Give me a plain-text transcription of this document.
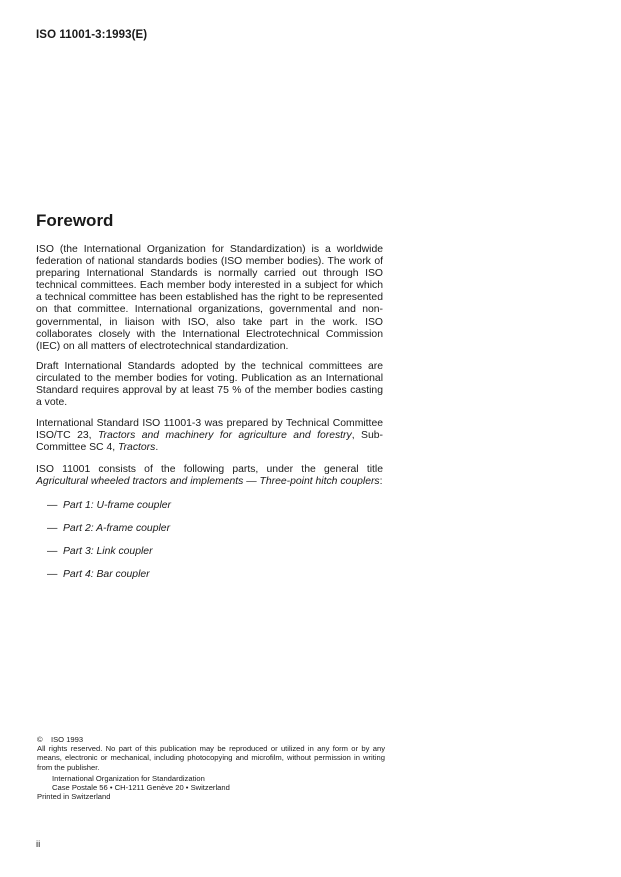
ISO 11001-3:1993(E)
Foreword
ISO (the International Organization for Standardization) is a worldwide federation of national standards bodies (ISO member bodies). The work of preparing International Standards is normally carried out through ISO technical committees. Each member body interested in a subject for which a technical committee has been established has the right to be represented on that committee. International organizations, governmental and non-governmental, in liaison with ISO, also take part in the work. ISO collaborates closely with the International Electrotechnical Commission (IEC) on all matters of electrotechnical standardization.
Draft International Standards adopted by the technical committees are circulated to the member bodies for voting. Publication as an International Standard requires approval by at least 75 % of the member bodies casting a vote.
International Standard ISO 11001-3 was prepared by Technical Committee ISO/TC 23, Tractors and machinery for agriculture and forestry, Sub-Committee SC 4, Tractors.
ISO 11001 consists of the following parts, under the general title Agricultural wheeled tractors and implements — Three-point hitch couplers:
— Part 1: U-frame coupler
— Part 2: A-frame coupler
— Part 3: Link coupler
— Part 4: Bar coupler
© ISO 1993
All rights reserved. No part of this publication may be reproduced or utilized in any form or by any means, electronic or mechanical, including photocopying and microfilm, without permission in writing from the publisher.
International Organization for Standardization
Case Postale 56 • CH-1211 Genève 20 • Switzerland
Printed in Switzerland
ii
